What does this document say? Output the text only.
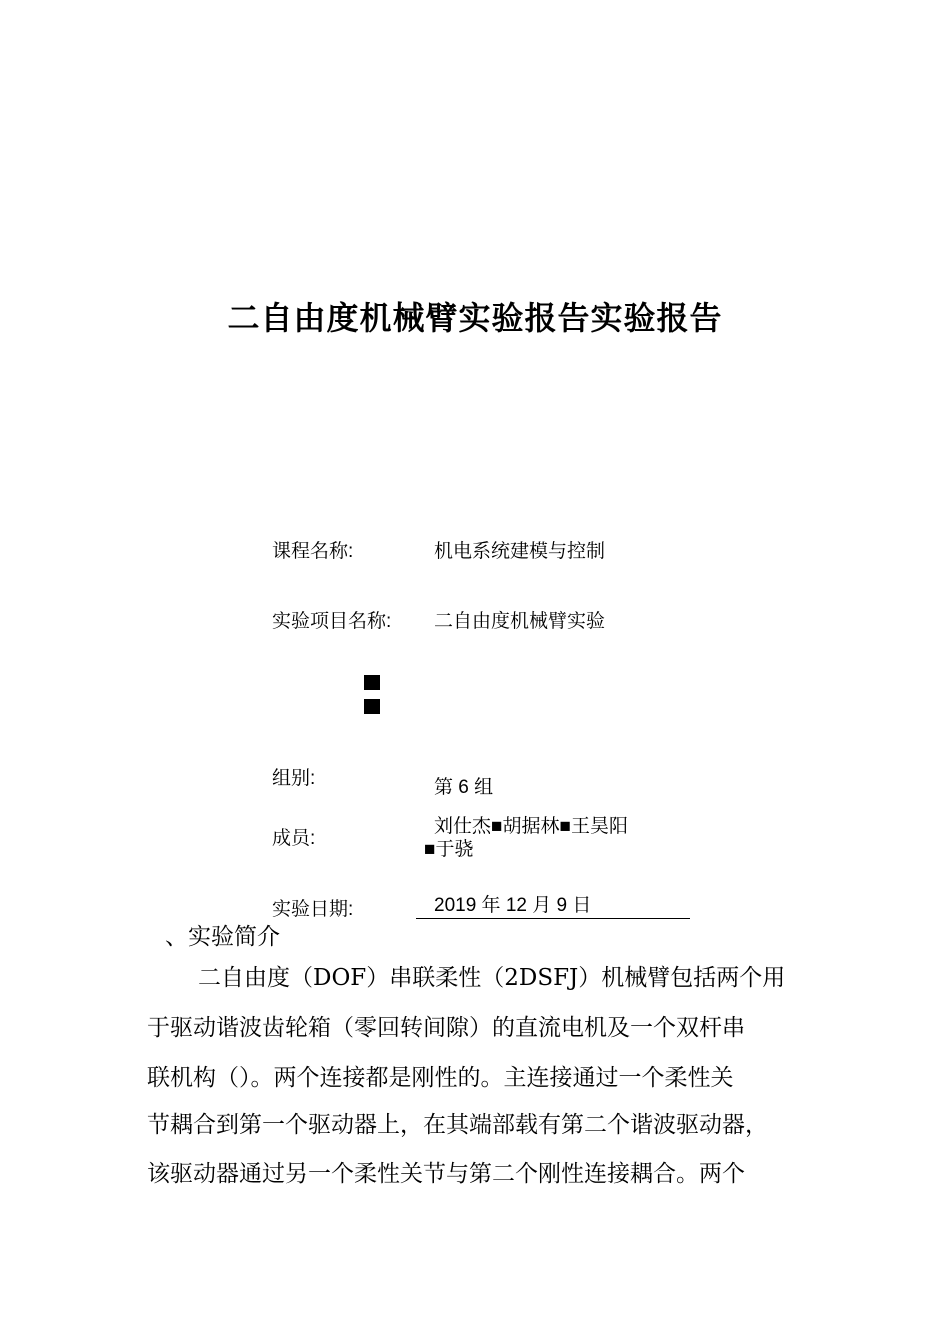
二自由度机械臂实验报告实验报告
课程名称:	机电系统建模与控制
实验项目名称: 二自由度机械臂实验
组别:	第 6 组
成员:
刘仕杰■胡据林■王昊阳
■于骁
实验日期:	2019 年 12 月 9 日
、实验简介
二自由度（DOF）串联柔性（2DSFJ）机械臂包括两个用
于驱动谐波齿轮箱（零回转间隙）的直流电机及一个双杆串
联机构（）。两个连接都是刚性的。主连接通过一个柔性关
节耦合到第一个驱动器上，在其端部载有第二个谐波驱动器，
该驱动器通过另一个柔性关节与第二个刚性连接耦合。两个
